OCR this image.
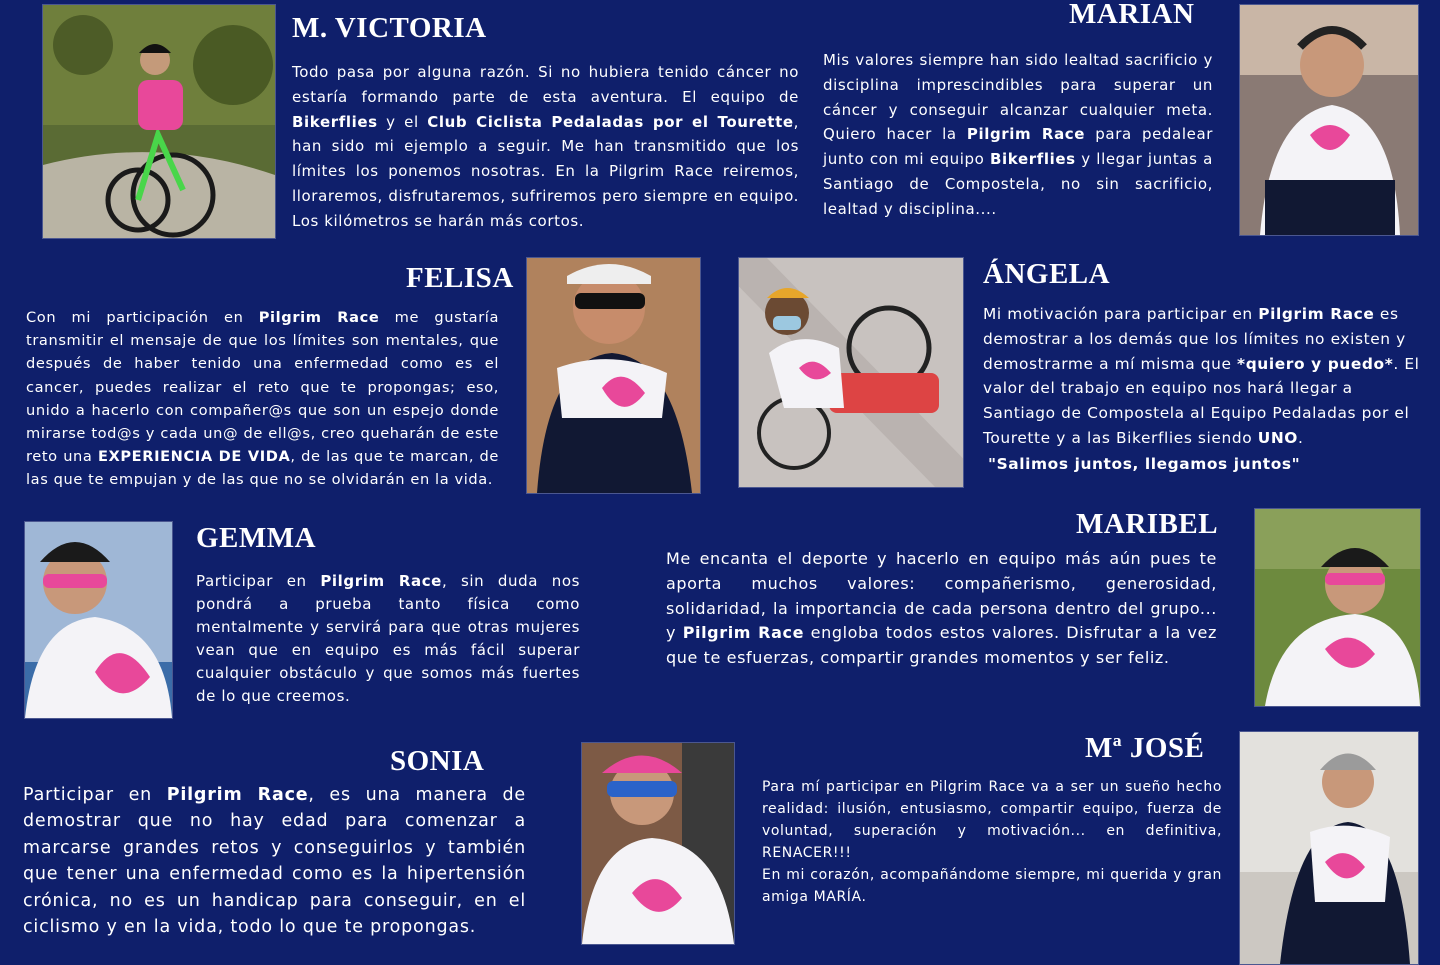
M. VICTORIA

Todo pasa por alguna razón. Si no hubiera tenido cáncer no estaría formando parte de esta aventura. El equipo de Bikerflies y el Club Ciclista Pedaladas por el Tourette, han sido mi ejemplo a seguir. Me han transmitido que los límites los ponemos nosotras. En la Pilgrim Race reiremos, lloraremos, disfrutaremos, sufriremos pero siempre en equipo. Los kilómetros se harán más cortos.

MARIAN

Mis valores siempre han sido lealtad sacrificio y disciplina imprescindibles para superar un cáncer y conseguir alcanzar cualquier meta. Quiero hacer la Pilgrim Race para pedalear junto con mi equipo Bikerflies y llegar juntas a Santiago de Compostela, no sin sacrificio, lealtad y disciplina....

FELISA

Con mi participación en Pilgrim Race me gustaría transmitir el mensaje de que los límites son mentales, que después de haber tenido una enfermedad como es el cancer, puedes realizar el reto que te propongas; eso, unido a hacerlo con compañer@s que son un espejo donde mirarse tod@s y cada un@ de ell@s, creo queharán de este reto una EXPERIENCIA DE VIDA, de las que te marcan, de las que te empujan y de las que no se olvidarán en la vida.

ÁNGELA

Mi motivación para participar en Pilgrim Race es demostrar a los demás que los límites no existen y demostrarme a mí misma que *quiero y puedo*. El valor del trabajo en equipo nos hará llegar a Santiago de Compostela al Equipo Pedaladas por el Tourette y a las Bikerflies siendo UNO.

"Salimos juntos, llegamos juntos"

GEMMA

Participar en Pilgrim Race, sin duda nos pondrá a prueba tanto física como mentalmente y servirá para que otras mujeres vean que en equipo es más fácil superar cualquier obstáculo y que somos más fuertes de lo que creemos.

MARIBEL

Me encanta el deporte y hacerlo en equipo más aún pues te aporta muchos valores: compañerismo, generosidad, solidaridad, la importancia de cada persona dentro del grupo... y Pilgrim Race engloba todos estos valores. Disfrutar a la vez que te esfuerzas, compartir grandes momentos y ser feliz.

SONIA

Participar en Pilgrim Race, es una manera de demostrar que no hay edad para comenzar a marcarse grandes retos y conseguirlos y también que tener una enfermedad como es la hipertensión crónica, no es un handicap para conseguir, en el ciclismo y en la vida, todo lo que te propongas.

Mª JOSÉ

Para mí participar en Pilgrim Race va a ser un sueño hecho realidad: ilusión, entusiasmo, compartir equipo, fuerza de voluntad, superación y motivación... en definitiva, RENACER!!!

En mi corazón, acompañándome siempre, mi querida y gran amiga MARÍA.
